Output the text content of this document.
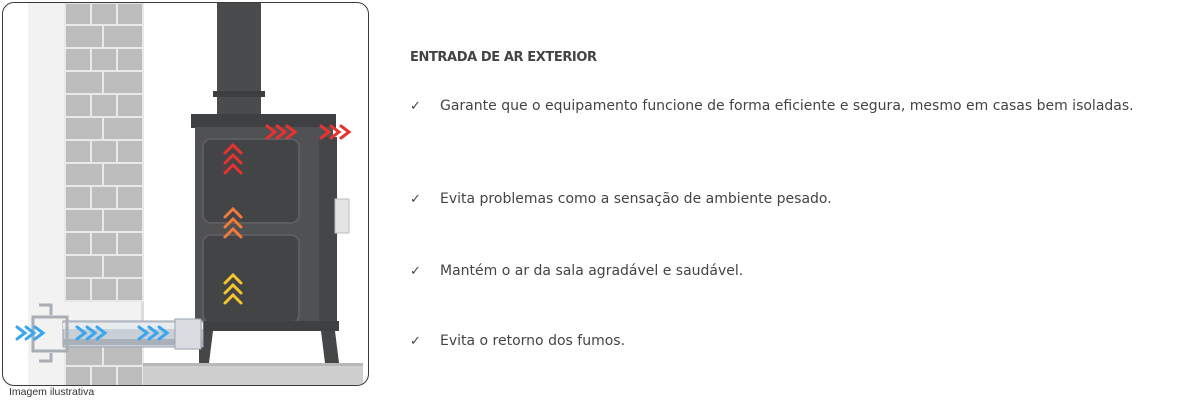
Imagem ilustrativa
ENTRADA DE AR EXTERIOR
✓	Garante que o equipamento funcione de forma eficiente e segura, mesmo em casas bem isoladas.
✓	Evita problemas como a sensação de ambiente pesado.
✓	Mantém o ar da sala agradável e saudável.
✓	Evita o retorno dos fumos.
